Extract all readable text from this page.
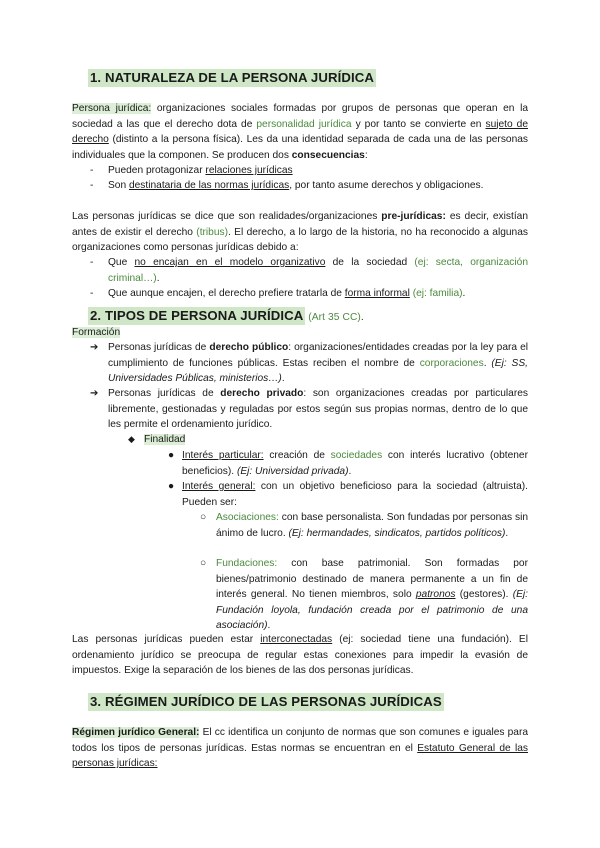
1. NATURALEZA DE LA PERSONA JURÍDICA
Persona jurídica: organizaciones sociales formadas por grupos de personas que operan en la sociedad a las que el derecho dota de personalidad jurídica y por tanto se convierte en sujeto de derecho (distinto a la persona física). Les da una identidad separada de cada una de las personas individuales que la componen. Se producen dos consecuencias:
- Pueden protagonizar relaciones jurídicas
- Son destinataria de las normas jurídicas, por tanto asume derechos y obligaciones.
Las personas jurídicas se dice que son realidades/organizaciones pre-jurídicas: es decir, existían antes de existir el derecho (tribus). El derecho, a lo largo de la historia, no ha reconocido a algunas organizaciones como personas jurídicas debido a:
- Que no encajan en el modelo organizativo de la sociedad (ej: secta, organización criminal…).
- Que aunque encajen, el derecho prefiere tratarla de forma informal (ej: familia).
2. TIPOS DE PERSONA JURÍDICA (Art 35 CC).
Formación
➔ Personas jurídicas de derecho público: organizaciones/entidades creadas por la ley para el cumplimiento de funciones públicas. Estas reciben el nombre de corporaciones. (Ej: SS, Universidades Públicas, ministerios…).
➔ Personas jurídicas de derecho privado: son organizaciones creadas por particulares libremente, gestionadas y reguladas por estos según sus propias normas, dentro de lo que les permite el ordenamiento jurídico.
◆ Finalidad
● Interés particular: creación de sociedades con interés lucrativo (obtener beneficios). (Ej: Universidad privada).
● Interés general: con un objetivo beneficioso para la sociedad (altruista). Pueden ser:
○ Asociaciones: con base personalista. Son fundadas por personas sin ánimo de lucro. (Ej: hermandades, sindicatos, partidos políticos).
○ Fundaciones: con base patrimonial. Son formadas por bienes/patrimonio destinado de manera permanente a un fin de interés general. No tienen miembros, solo patronos (gestores). (Ej: Fundación loyola, fundación creada por el patrimonio de una asociación).
Las personas jurídicas pueden estar interconectadas (ej: sociedad tiene una fundación). El ordenamiento jurídico se preocupa de regular estas conexiones para impedir la evasión de impuestos. Exige la separación de los bienes de las dos personas jurídicas.
3. RÉGIMEN JURÍDICO DE LAS PERSONAS JURÍDICAS
Régimen jurídico General: El cc identifica un conjunto de normas que son comunes e iguales para todos los tipos de personas jurídicas. Estas normas se encuentran en el Estatuto General de las personas jurídicas:
